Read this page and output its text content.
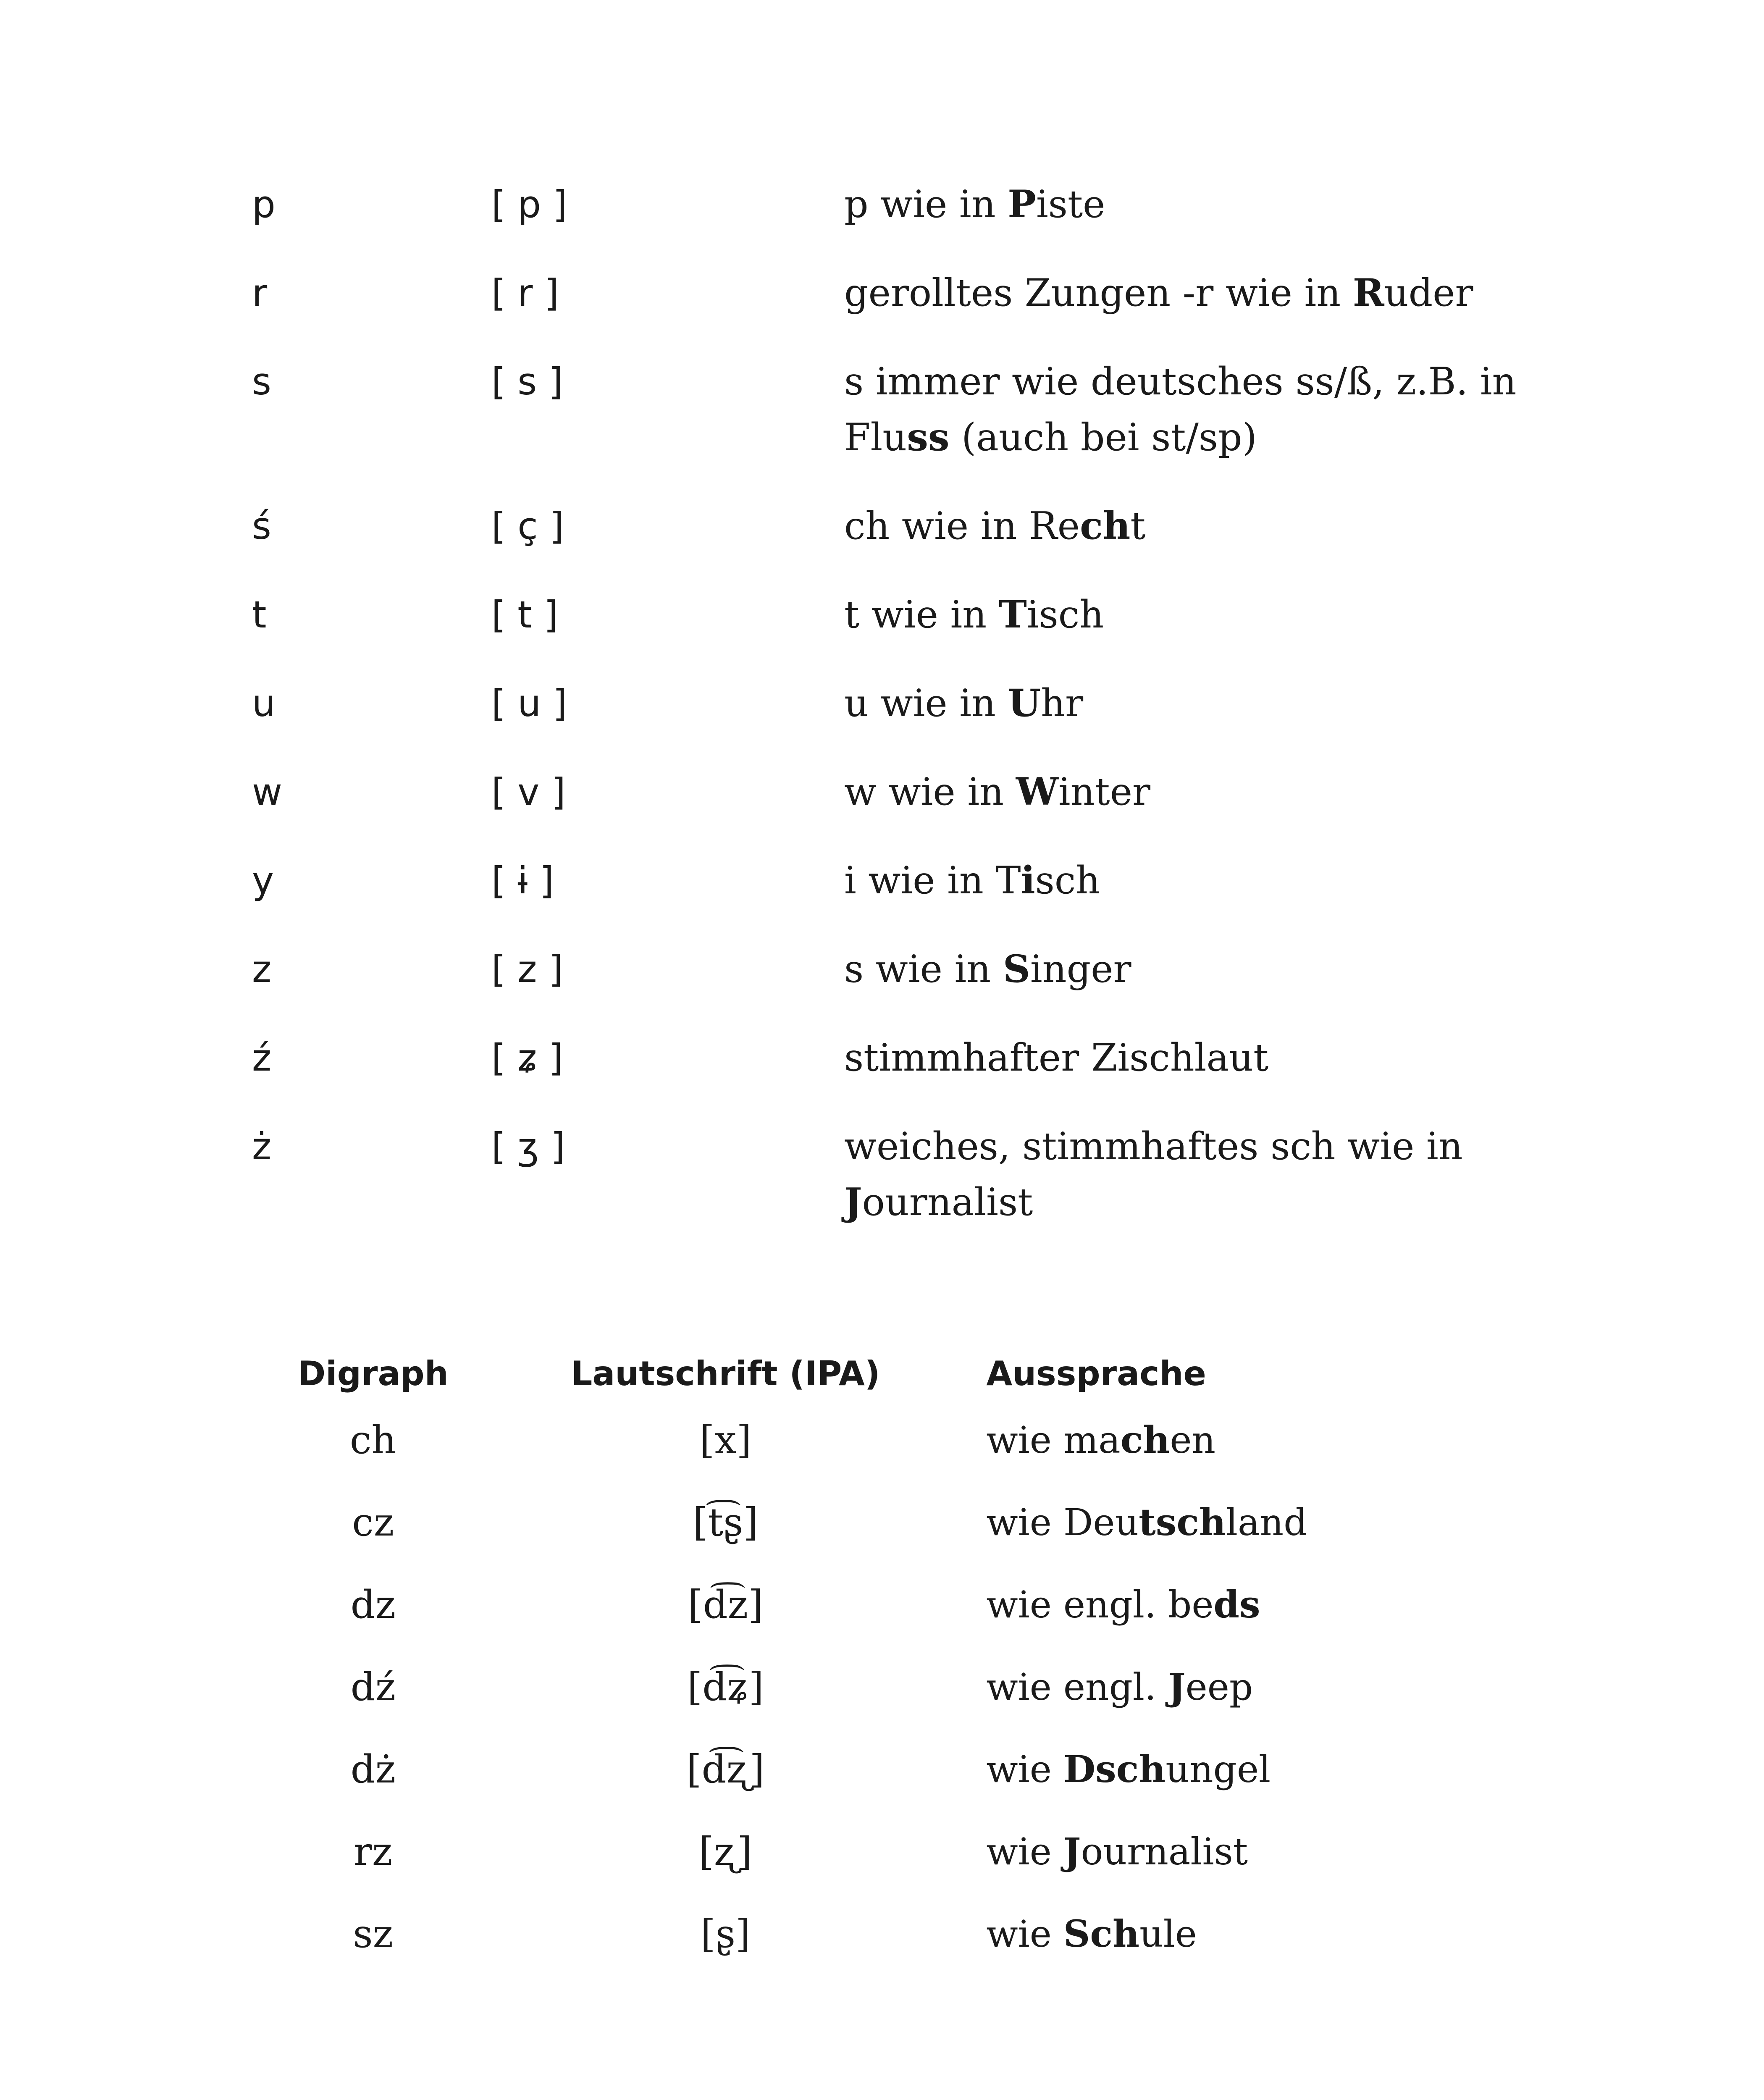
p	[ p ]	p wie in Piste
r	[ r ]	gerolltes Zungen -r wie in Ruder
s	[ s ]	s immer wie deutsches ss/ß, z.B. in Fluss (auch bei st/sp)
ś	[ ç ]	ch wie in Recht
t	[ t ]	t wie in Tisch
u	[ u ]	u wie in Uhr
w	[ v ]	w wie in Winter
y	[ ɨ ]	i wie in Tisch
z	[ z ]	s wie in Singer
ź	[ ʑ ]	stimmhafter Zischlaut
ż	[ ʒ ]	weiches, stimmhaftes sch wie in Journalist
Digraph	Lautschrift (IPA)	Aussprache
ch	[x]	wie machen
cz	[t͡ʂ]	wie Deutschland
dz	[d͡z]	wie engl. beds
dź	[d͡ʑ]	wie engl. Jeep
dż	[d͡ʐ]	wie Dschungel
rz	[ʐ]	wie Journalist
sz	[ʂ]	wie Schule
